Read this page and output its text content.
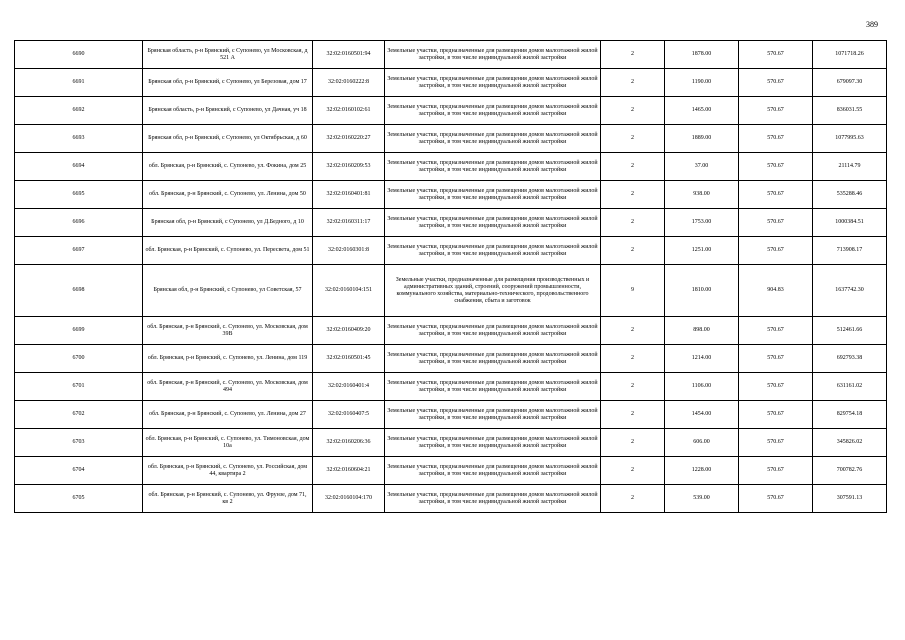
389
6690	Брянская область, р-н Брянский, с Супонево, ул Московская, д 521 А	32:02:0160501:94	Земельные участки, предназначенные для размещения домов малоэтажной жилой застройки, в том числе индивидуальной жилой застройки	2	1878.00	570.67	1071718.26
6691	Брянская обл, р-н Брянский, с Супонево, ул Березовая, дом 17	32:02:0160222:8	Земельные участки, предназначенные для размещения домов малоэтажной жилой застройки, в том числе индивидуальной жилой застройки	2	1190.00	570.67	679097.30
6692	Брянская область, р-н Брянский, с Супонево, ул Дачная, уч 18	32:02:0160102:61	Земельные участки, предназначенные для размещения домов малоэтажной жилой застройки, в том числе индивидуальной жилой застройки	2	1465.00	570.67	836031.55
6693	Брянская обл, р-н Брянский, с Супонево, ул Октябрьская, д 60	32:02:0160220:27	Земельные участки, предназначенные для размещения домов малоэтажной жилой застройки, в том числе индивидуальной жилой застройки	2	1889.00	570.67	1077995.63
6694	обл. Брянская, р-н Брянский, с. Супонево, ул. Фокина, дом 25	32:02:0160209:53	Земельные участки, предназначенные для размещения домов малоэтажной жилой застройки, в том числе индивидуальной жилой застройки	2	37.00	570.67	21114.79
6695	обл. Брянская, р-н Брянский, с. Супонево, ул. Ленина, дом 50	32:02:0160401:81	Земельные участки, предназначенные для размещения домов малоэтажной жилой застройки, в том числе индивидуальной жилой застройки	2	938.00	570.67	535288.46
6696	Брянская обл, р-н Брянский, с Супонево, ул Д.Бедного, д 10	32:02:0160311:17	Земельные участки, предназначенные для размещения домов малоэтажной жилой застройки, в том числе индивидуальной жилой застройки	2	1753.00	570.67	1000384.51
6697	обл. Брянская, р-н Брянский, с. Супонево, ул. Пересвета, дом 51	32:02:0160301:8	Земельные участки, предназначенные для размещения домов малоэтажной жилой застройки, в том числе индивидуальной жилой застройки	2	1251.00	570.67	713908.17
6698	Брянская обл, р-н Брянский, с Супонево, ул Советская, 57	32:02:0160104:151	Земельные участки, предназначенные для размещения производственных и административных зданий, строений, сооружений промышленности, коммунального хозяйства, материально-технического, продовольственного снабжения, сбыта и заготовок	9	1810.00	904.83	1637742.30
6699	обл. Брянская, р-н Брянский, с. Супонево, ул. Московская, дом 39В	32:02:0160409:20	Земельные участки, предназначенные для размещения домов малоэтажной жилой застройки, в том числе индивидуальной жилой застройки	2	898.00	570.67	512461.66
6700	обл. Брянская, р-н Брянский, с. Супонево, ул. Ленина, дом 119	32:02:0160501:45	Земельные участки, предназначенные для размещения домов малоэтажной жилой застройки, в том числе индивидуальной жилой застройки	2	1214.00	570.67	692793.38
6701	обл. Брянская, р-н Брянский, с. Супонево, ул. Московская, дом 494	32:02:0160401:4	Земельные участки, предназначенные для размещения домов малоэтажной жилой застройки, в том числе индивидуальной жилой застройки	2	1106.00	570.67	631161.02
6702	обл. Брянская, р-н Брянский, с. Супонево, ул. Ленина, дом 27	32:02:0160407:5	Земельные участки, предназначенные для размещения домов малоэтажной жилой застройки, в том числе индивидуальной жилой застройки	2	1454.00	570.67	829754.18
6703	обл. Брянская, р-н Брянский, с. Супонево, ул. Тимоновская, дом 10а	32:02:0160206:36	Земельные участки, предназначенные для размещения домов малоэтажной жилой застройки, в том числе индивидуальной жилой застройки	2	606.00	570.67	345826.02
6704	обл. Брянская, р-н Брянский, с. Супонево, ул. Российская, дом 44, квартира 2	32:02:0160604:21	Земельные участки, предназначенные для размещения домов малоэтажной жилой застройки, в том числе индивидуальной жилой застройки	2	1228.00	570.67	700782.76
6705	обл. Брянская, р-н Брянский, с. Супонево, ул. Фрунзе, дом 71, кв 2	32:02:0160104:170	Земельные участки, предназначенные для размещения домов малоэтажной жилой застройки, в том числе индивидуальной жилой застройки	2	539.00	570.67	307591.13
